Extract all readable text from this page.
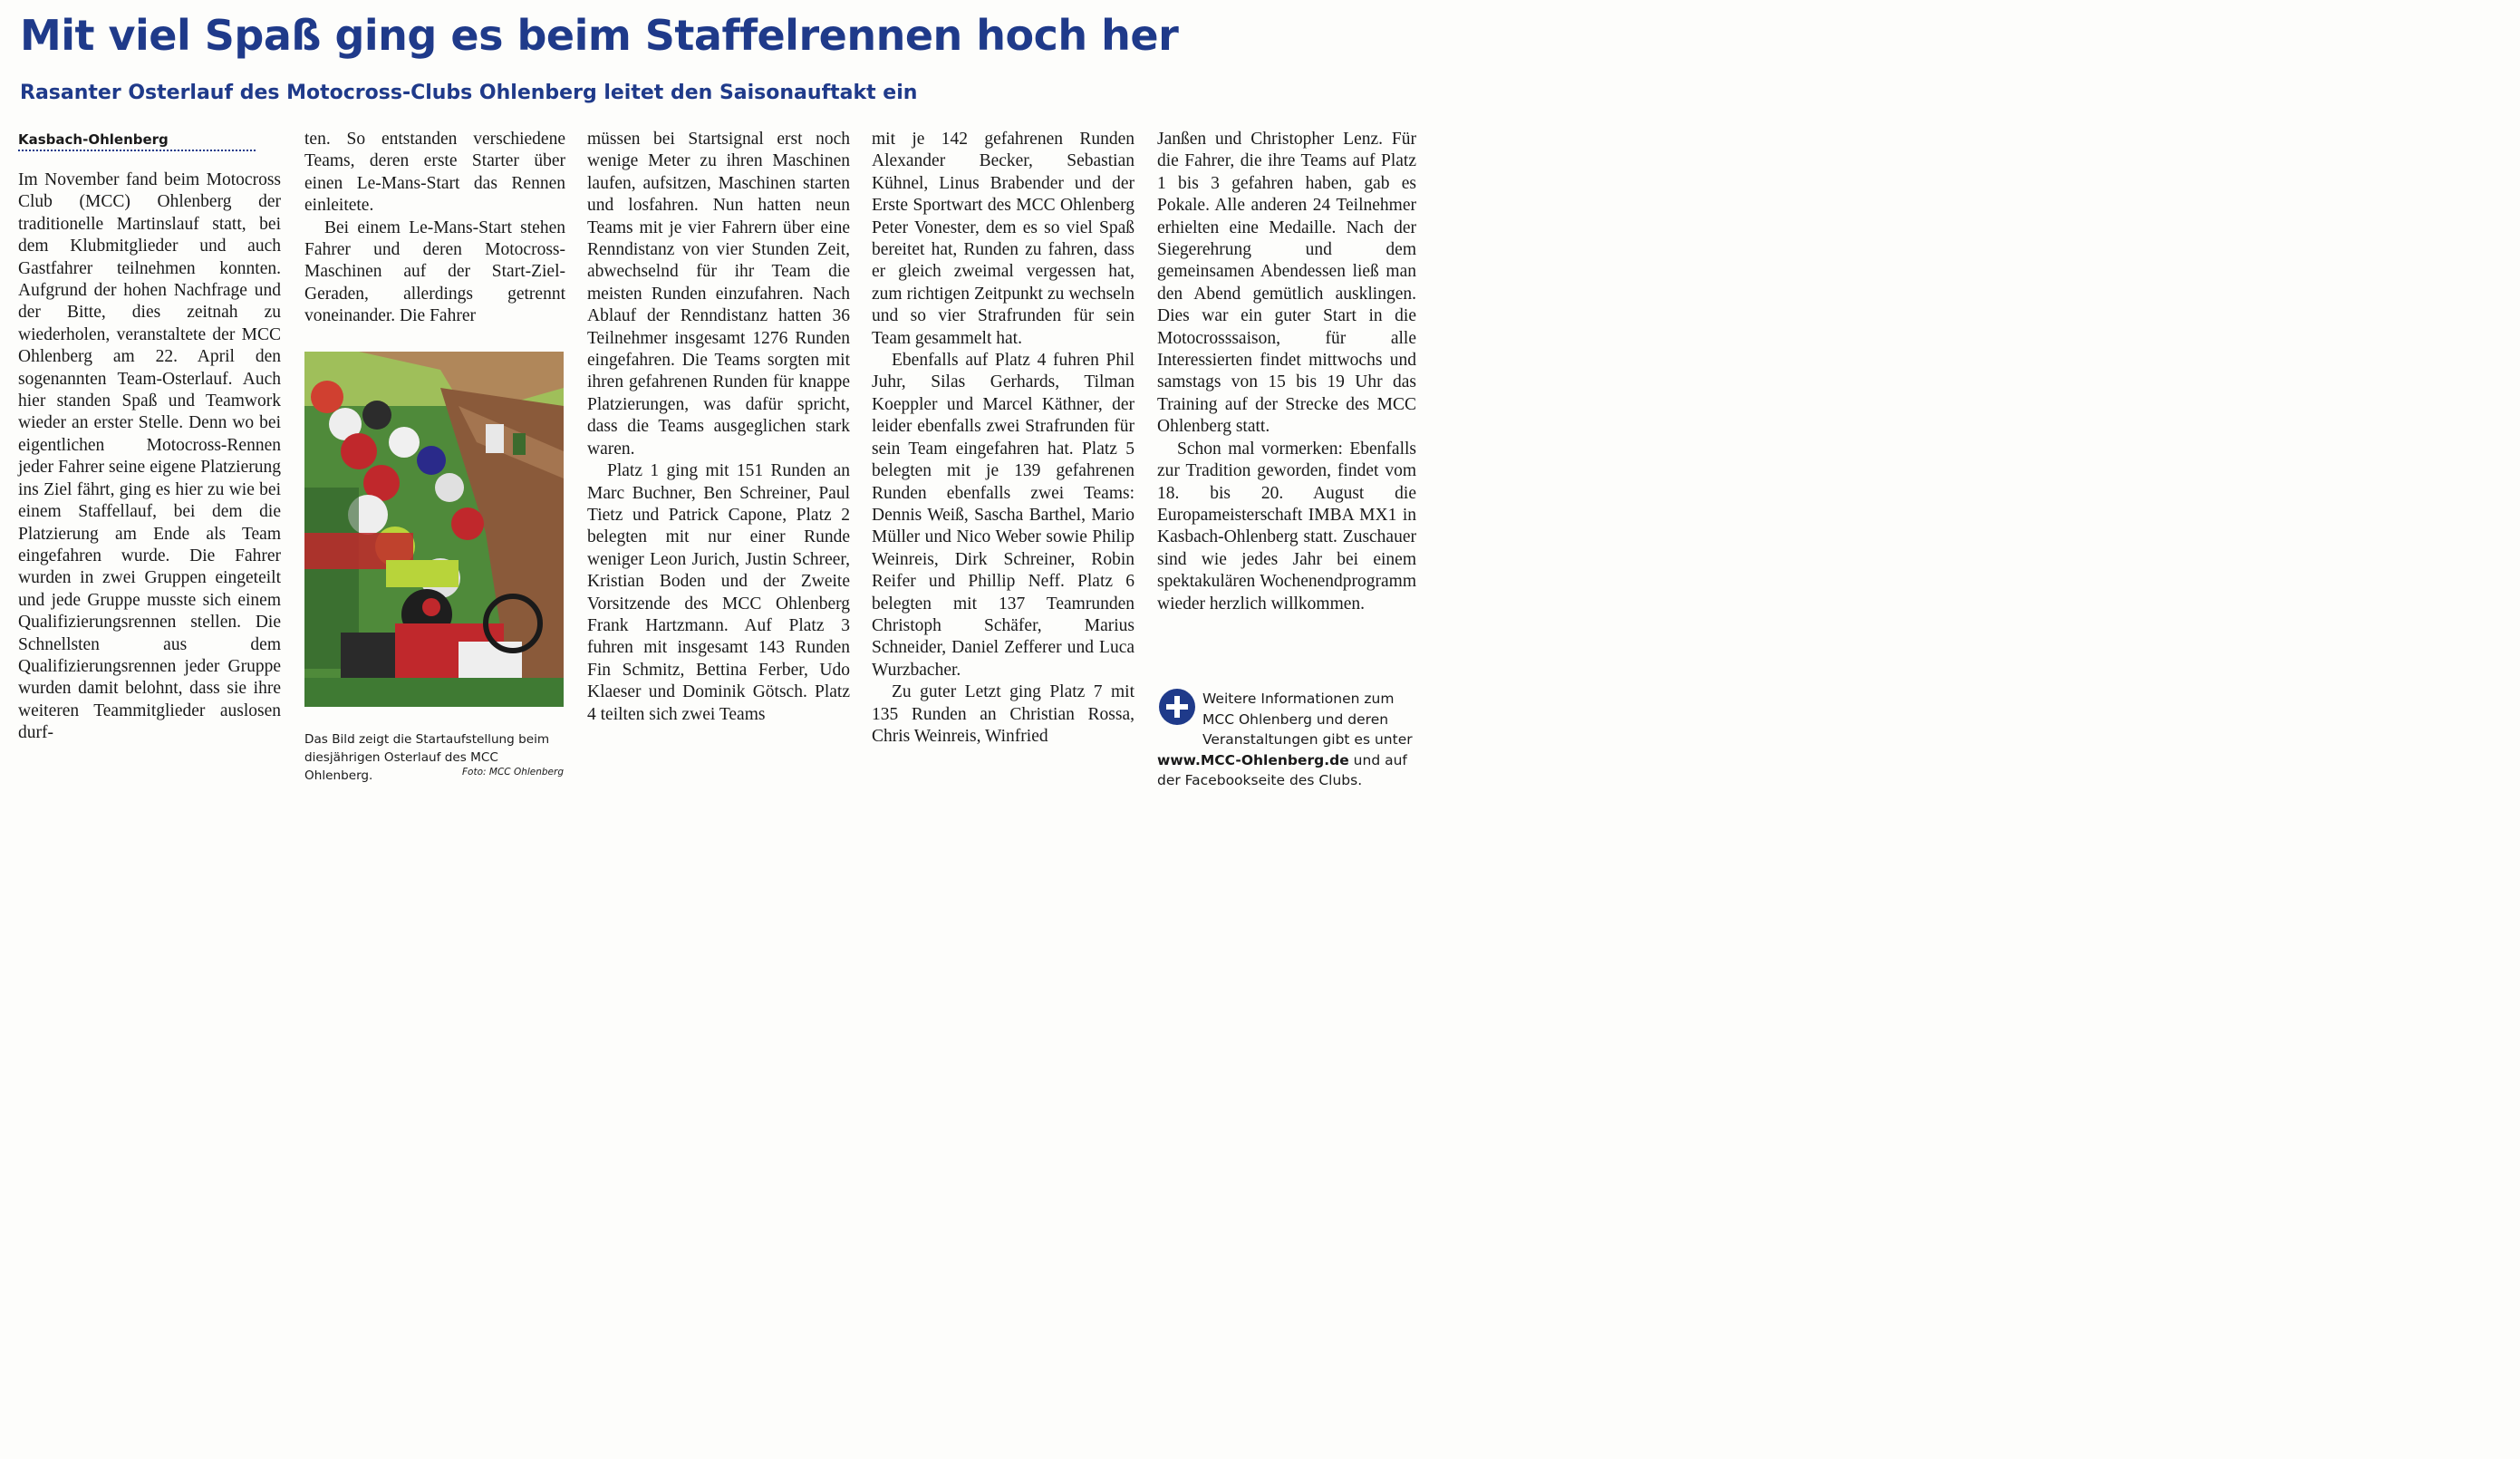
Mit viel Spaß ging es beim Staffelrennen hoch her
Rasanter Osterlauf des Motocross-Clubs Ohlenberg leitet den Saisonauftakt ein
Kasbach-Ohlenberg

Im November fand beim Motocross Club (MCC) Ohlenberg der traditionelle Martinslauf statt, bei dem Klubmitglieder und auch Gastfahrer teilnehmen konnten. Aufgrund der hohen Nachfrage und der Bitte, dies zeitnah zu wiederholen, veranstaltete der MCC Ohlenberg am 22. April den sogenannten Team-Osterlauf. Auch hier standen Spaß und Teamwork wieder an erster Stelle. Denn wo bei eigentlichen Motocross-Rennen jeder Fahrer seine eigene Platzierung ins Ziel fährt, ging es hier zu wie bei einem Staffellauf, bei dem die Platzierung am Ende als Team eingefahren wurde. Die Fahrer wurden in zwei Gruppen eingeteilt und jede Gruppe musste sich einem Qualifizierungsrennen stellen. Die Schnellsten aus dem Qualifizierungsrennen jeder Gruppe wurden damit belohnt, dass sie ihre weiteren Teammitglieder auslosen durf-

ten. So entstanden verschiedene Teams, deren erste Starter über einen Le-Mans-Start das Rennen einleitete.

Bei einem Le-Mans-Start stehen Fahrer und deren Motocross-Maschinen auf der Start-Ziel-Geraden, allerdings getrennt voneinander. Die Fahrer

Das Bild zeigt die Startaufstellung beim diesjährigen Osterlauf des MCC Ohlenberg.	Foto: MCC Ohlenberg

müssen bei Startsignal erst noch wenige Meter zu ihren Maschinen laufen, aufsitzen, Maschinen starten und losfahren. Nun hatten neun Teams mit je vier Fahrern über eine Renndistanz von vier Stunden Zeit, abwechselnd für ihr Team die meisten Runden einzufahren. Nach Ablauf der Renndistanz hatten 36 Teilnehmer insgesamt 1276 Runden eingefahren. Die Teams sorgten mit ihren gefahrenen Runden für knappe Platzierungen, was dafür spricht, dass die Teams ausgeglichen stark waren.

Platz 1 ging mit 151 Runden an Marc Buchner, Ben Schreiner, Paul Tietz und Patrick Capone, Platz 2 belegten mit nur einer Runde weniger Leon Jurich, Justin Schreer, Kristian Boden und der Zweite Vorsitzende des MCC Ohlenberg Frank Hartzmann. Auf Platz 3 fuhren mit insgesamt 143 Runden Fin Schmitz, Bettina Ferber, Udo Klaeser und Dominik Götsch. Platz 4 teilten sich zwei Teams

mit je 142 gefahrenen Runden Alexander Becker, Sebastian Kühnel, Linus Brabender und der Erste Sportwart des MCC Ohlenberg Peter Vonester, dem es so viel Spaß bereitet hat, Runden zu fahren, dass er gleich zweimal vergessen hat, zum richtigen Zeitpunkt zu wechseln und so vier Strafrunden für sein Team gesammelt hat.

Ebenfalls auf Platz 4 fuhren Phil Juhr, Silas Gerhards, Tilman Koeppler und Marcel Käthner, der leider ebenfalls zwei Strafrunden für sein Team eingefahren hat. Platz 5 belegten mit je 139 gefahrenen Runden ebenfalls zwei Teams: Dennis Weiß, Sascha Barthel, Mario Müller und Nico Weber sowie Philip Weinreis, Dirk Schreiner, Robin Reifer und Phillip Neff. Platz 6 belegten mit 137 Teamrunden Christoph Schäfer, Marius Schneider, Daniel Zefferer und Luca Wurzbacher.

Zu guter Letzt ging Platz 7 mit 135 Runden an Christian Rossa, Chris Weinreis, Winfried

Janßen und Christopher Lenz. Für die Fahrer, die ihre Teams auf Platz 1 bis 3 gefahren haben, gab es Pokale. Alle anderen 24 Teilnehmer erhielten eine Medaille. Nach der Siegerehrung und dem gemeinsamen Abendessen ließ man den Abend gemütlich ausklingen. Dies war ein guter Start in die Motocrosssaison, für alle Interessierten findet mittwochs und samstags von 15 bis 19 Uhr das Training auf der Strecke des MCC Ohlenberg statt.

Schon mal vormerken: Ebenfalls zur Tradition geworden, findet vom 18. bis 20. August die Europameisterschaft IMBA MX1 in Kasbach-Ohlenberg statt. Zuschauer sind wie jedes Jahr bei einem spektakulären Wochenendprogramm wieder herzlich willkommen.

Weitere Informationen zum MCC Ohlenberg und deren Veranstaltungen gibt es unter
www.MCC-Ohlenberg.de und auf der Facebookseite des Clubs.
